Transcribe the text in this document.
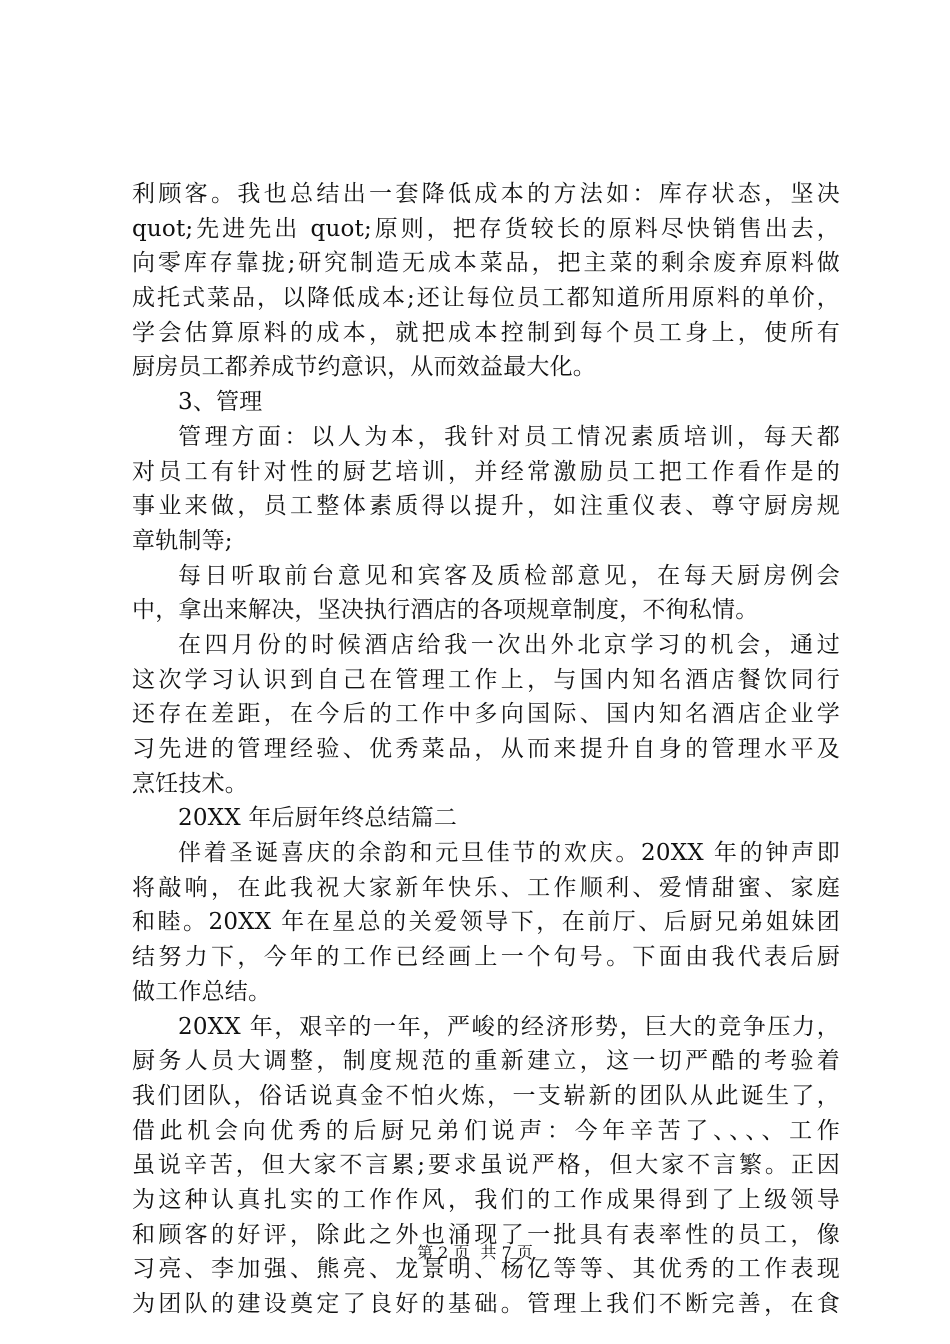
利顾客。我也总结出一套降低成本的方法如：库存状态，坚决
quot;先进先出 quot;原则，把存货较长的原料尽快销售出去，
向零库存靠拢;研究制造无成本菜品，把主菜的剩余废弃原料做
成托式菜品，以降低成本;还让每位员工都知道所用原料的单价，
学会估算原料的成本，就把成本控制到每个员工身上，使所有
厨房员工都养成节约意识，从而效益最大化。
3、管理
管理方面：以人为本，我针对员工情况素质培训，每天都
对员工有针对性的厨艺培训，并经常激励员工把工作看作是的
事业来做，员工整体素质得以提升，如注重仪表、尊守厨房规
章轨制等;
每日听取前台意见和宾客及质检部意见，在每天厨房例会
中，拿出来解决，坚决执行酒店的各项规章制度，不徇私情。
在四月份的时候酒店给我一次出外北京学习的机会，通过
这次学习认识到自己在管理工作上，与国内知名酒店餐饮同行
还存在差距，在今后的工作中多向国际、国内知名酒店企业学
习先进的管理经验、优秀菜品，从而来提升自身的管理水平及
烹饪技术。
20XX 年后厨年终总结篇二
伴着圣诞喜庆的余韵和元旦佳节的欢庆。20XX 年的钟声即
将敲响，在此我祝大家新年快乐、工作顺利、爱情甜蜜、家庭
和睦。20XX 年在星总的关爱领导下，在前厅、后厨兄弟姐妹团
结努力下，今年的工作已经画上一个句号。下面由我代表后厨
做工作总结。
20XX 年，艰辛的一年，严峻的经济形势，巨大的竞争压力，
厨务人员大调整，制度规范的重新建立，这一切严酷的考验着
我们团队，俗话说真金不怕火炼，一支崭新的团队从此诞生了，
借此机会向优秀的后厨兄弟们说声：今年辛苦了、、、、工作
虽说辛苦，但大家不言累;要求虽说严格，但大家不言繁。正因
为这种认真扎实的工作作风，我们的工作成果得到了上级领导
和顾客的好评，除此之外也涌现了一批具有表率性的员工，像
习亮、李加强、熊亮、龙景明、杨亿等等、其优秀的工作表现
为团队的建设奠定了良好的基础。管理上我们不断完善，在食
第 2 页 共 7 页
